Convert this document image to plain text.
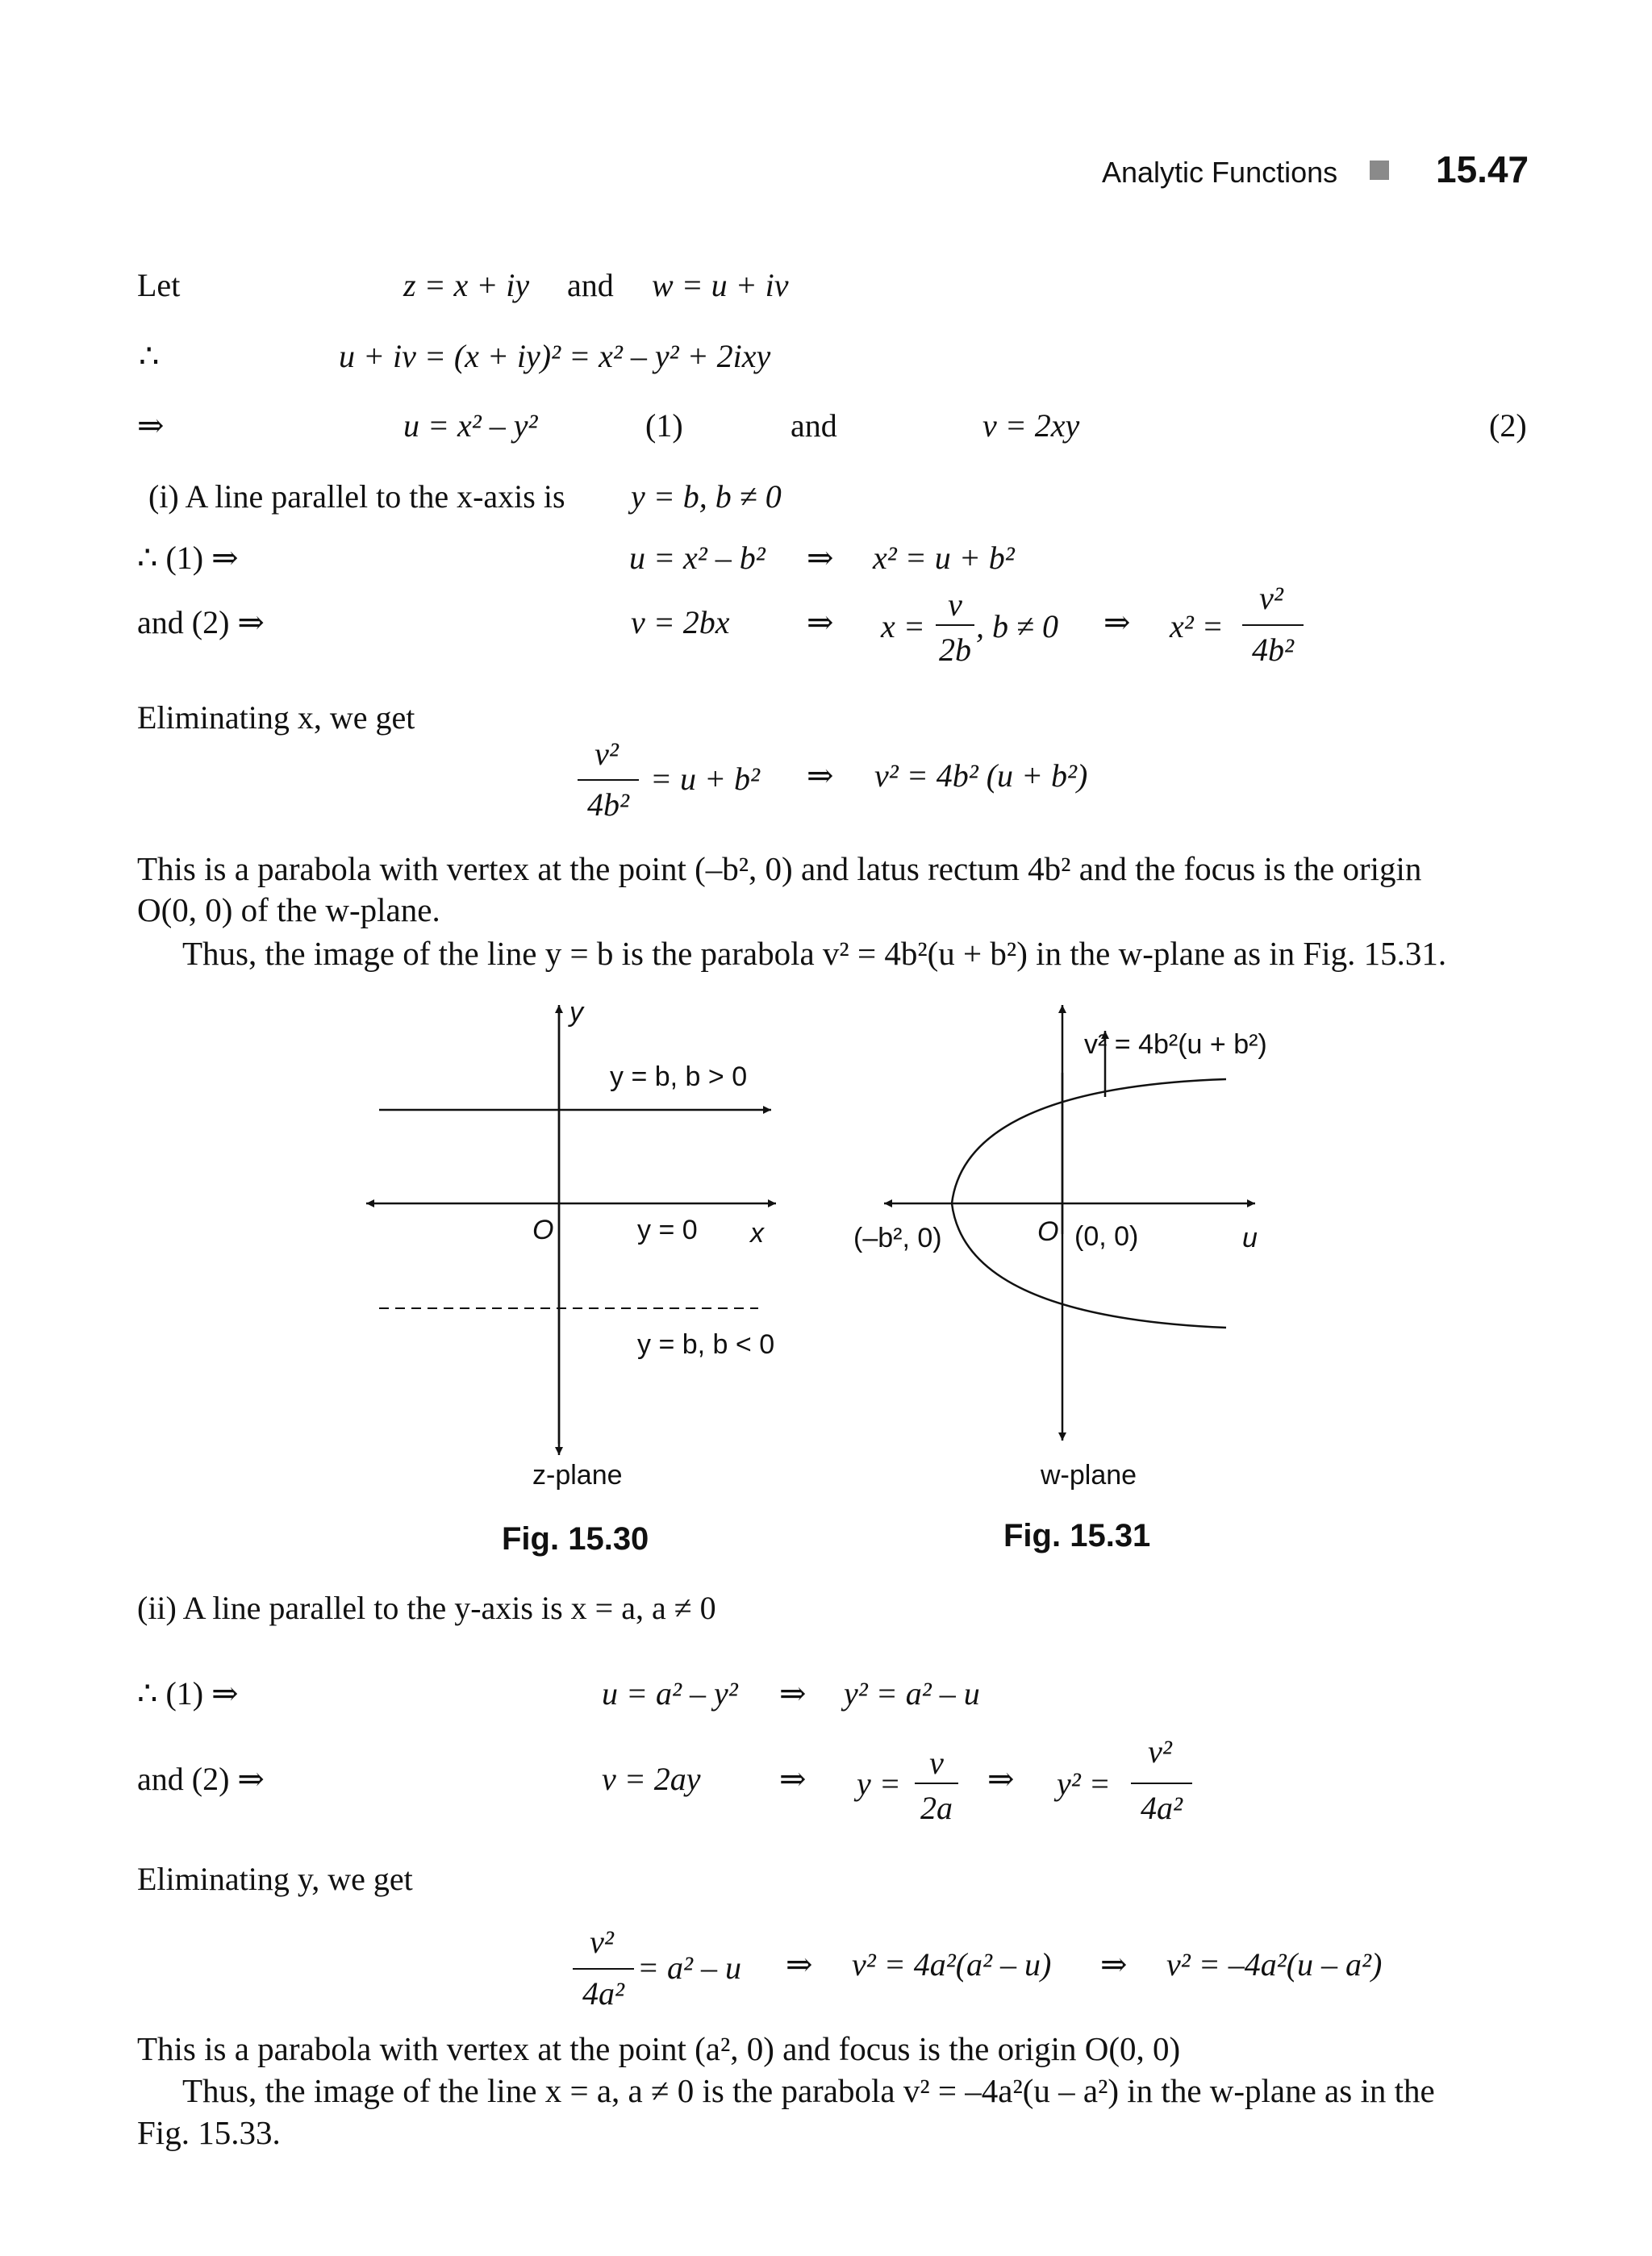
Analytic Functions	15.47
Let	z = x + iy and w = u + iv
∴	u + iv = (x + iy)² = x² – y² + 2ixy
⇒	u = x² – y²	(1)	and	v = 2xy	(2)
(i) A line parallel to the x-axis is y = b, b ≠ 0
∴ (1) ⇒	u = x² – b² ⇒ x² = u + b²
and (2) ⇒	v = 2bx ⇒ x =
v
2b
, b ≠ 0 ⇒ x² =
v²
4b²
Eliminating x, we get
v²
4b²
= u + b² ⇒ v² = 4b² (u + b²)
This is a parabola with vertex at the point (–b², 0) and latus rectum 4b² and the focus is the origin
O(0, 0) of the w-plane.
Thus, the image of the line y = b is the parabola v² = 4b²(u + b²) in the w-plane as in Fig. 15.31.
y
y = b, b > 0
O	y = 0 x
y = b, b < 0
z-plane
Fig. 15.30
v² = 4b²(u + b²)
(–b², 0)	O (0, 0)	u
w-plane
Fig. 15.31
(ii) A line parallel to the y-axis is x = a, a ≠ 0
∴ (1) ⇒	u = a² – y² ⇒ y² = a² – u
and (2) ⇒	v = 2ay ⇒ y =
v
2a
⇒ y² =
v²
4a²
Eliminating y, we get
v²
4a²
= a² – u ⇒ v² = 4a²(a² – u) ⇒ v² = –4a²(u – a²)
This is a parabola with vertex at the point (a², 0) and focus is the origin O(0, 0)
Thus, the image of the line x = a, a ≠ 0 is the parabola v² = –4a²(u – a²) in the w-plane as in the
Fig. 15.33.
